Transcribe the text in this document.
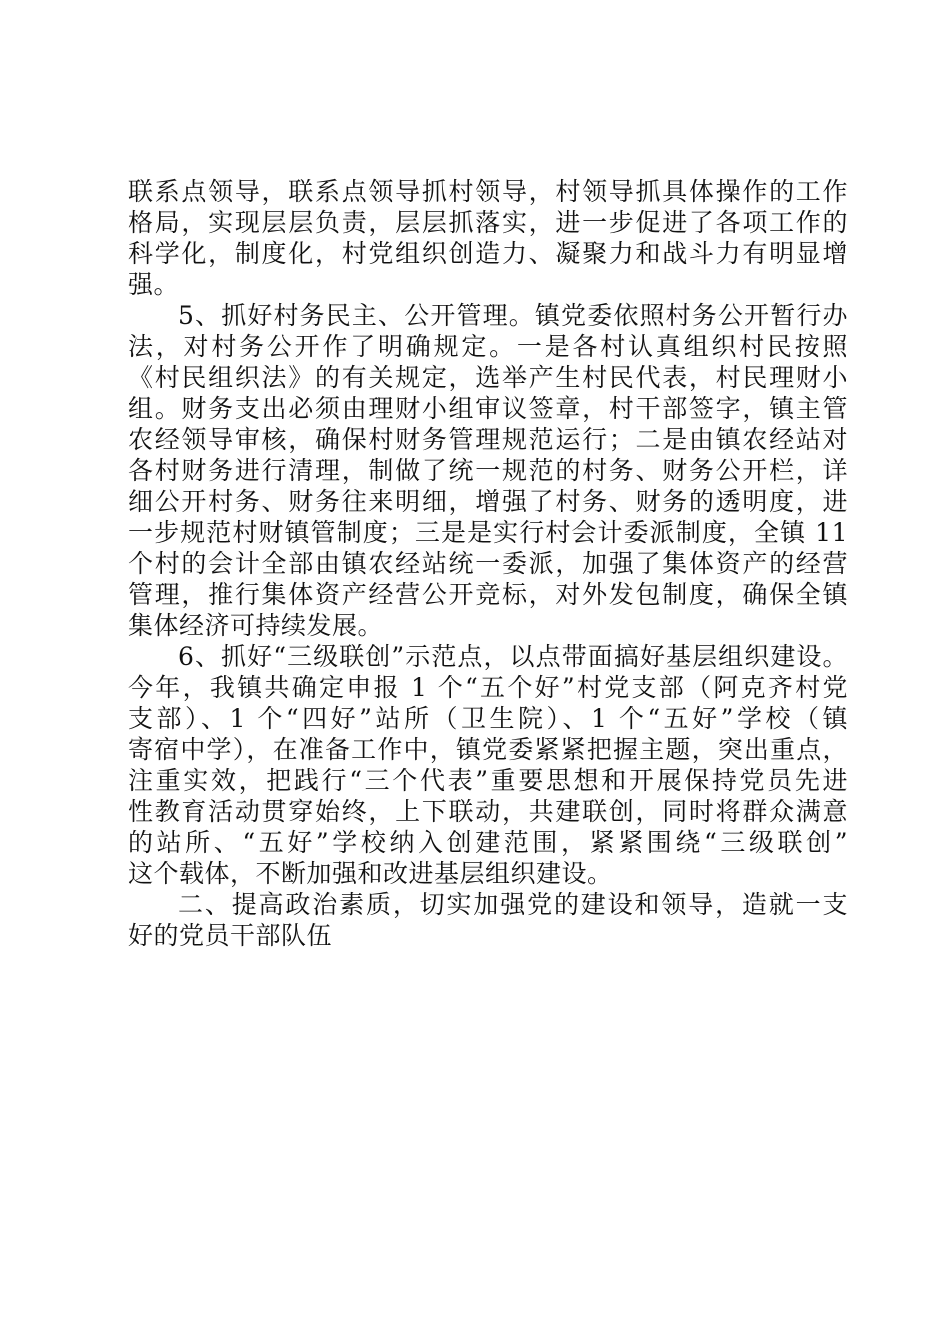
联系点领导，联系点领导抓村领导，村领导抓具体操作的工作
格局，实现层层负责，层层抓落实，进一步促进了各项工作的
科学化，制度化，村党组织创造力、凝聚力和战斗力有明显增
强。
5、抓好村务民主、公开管理。镇党委依照村务公开暂行办
法，对村务公开作了明确规定。一是各村认真组织村民按照
《村民组织法》的有关规定，选举产生村民代表，村民理财小
组。财务支出必须由理财小组审议签章，村干部签字，镇主管
农经领导审核，确保村财务管理规范运行；二是由镇农经站对
各村财务进行清理，制做了统一规范的村务、财务公开栏，详
细公开村务、财务往来明细，增强了村务、财务的透明度，进
一步规范村财镇管制度；三是是实行村会计委派制度，全镇 11
个村的会计全部由镇农经站统一委派，加强了集体资产的经营
管理，推行集体资产经营公开竞标，对外发包制度，确保全镇
集体经济可持续发展。
6、抓好“三级联创”示范点，以点带面搞好基层组织建设。
今年，我镇共确定申报 1 个“五个好”村党支部（阿克齐村党
支部）、1 个“四好”站所（卫生院）、1 个“五好”学校（镇
寄宿中学），在准备工作中，镇党委紧紧把握主题，突出重点，
注重实效，把践行“三个代表”重要思想和开展保持党员先进
性教育活动贯穿始终，上下联动，共建联创，同时将群众满意
的站所、“五好”学校纳入创建范围，紧紧围绕“三级联创”
这个载体，不断加强和改进基层组织建设。
二、提高政治素质，切实加强党的建设和领导，造就一支
好的党员干部队伍
